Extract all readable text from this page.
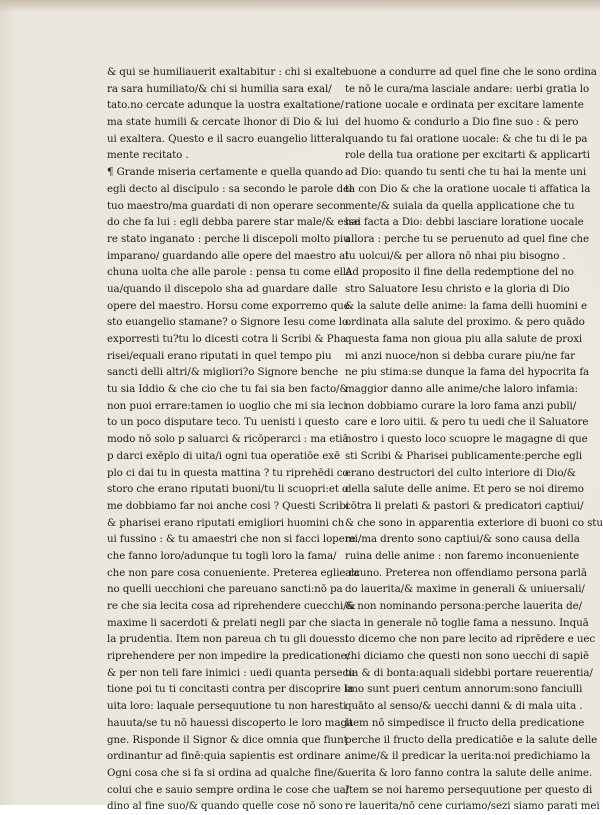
& qui se humiliauerit exaltabitur : chi si exalte
ra sara humiliato/& chi si humilia sara exal/
tato.no cercate adunque la uostra exaltatione/
ma state humili & cercate lhonor di Dio & lui
ui exaltera. Questo e il sacro euangelio litteral
mente recitato .
¶ Grande miseria certamente e quella quando
egli decto al discipulo : sa secondo le parole del
tuo maestro/ma guardati di non operare secon
do che fa lui : egli debba parere star male/& esse
re stato inganato : perche li discepoli molto piu
imparano/ guardando alle opere del maestro al
chuna uolta che alle parole : pensa tu come ella
ua/quando il discepolo sha ad guardare dalle
opere del maestro. Horsu come exporremo que
sto euangelio stamane? o Signore Iesu come lo
exporresti tu?tu lo dicesti cotra li Scribi & Pha
risei/equali erano riputati in quel tempo piu
sancti delli altri/& migliori?o Signore benche
tu sia Iddio & che cio che tu fai sia ben facto/&
non puoi errare:tamen io uoglio che mi sia leci
to un poco disputare teco. Tu uenisti i questo
modo nō solo p saluarci & ricōperarci : ma etiā
p darci exēplo di uita/i ogni tua operatiōe exē
plo ci dai tu in questa mattina ? tu riprehēdi co
storo che erano riputati buoni/tu li scuopri:et o
me dobbiamo far noi anche cosi ? Questi Scribi
& pharisei erano riputati emigliori huomini ch
ui fussino : & tu amaestri che non si facci lopere
che fanno loro/adunque tu togli loro la fama/
che non pare cosa conueniente. Preterea eglie ra
no quelli uecchioni che pareuano sancti:nō pa
re che sia lecita cosa ad riprehendere cuecchi/&
maxime li sacerdoti & prelati negli par che sia
la prudentia. Item non pareua ch tu gli douessi
riprehendere per non impedire la predicatione/
& per non teli fare inimici : uedi quanta persecu
tione poi tu ti concitasti contra per discoprire la
uita loro: laquale persequutione tu non haresti
hauuta/se tu nō hauessi discoperto le loro maga
gne. Risponde il Signor & dice omnia que fiunt
ordinantur ad finē:quia sapientis est ordinare .
Ogni cosa che si fa si ordina ad qualche fine/&
colui che e sauio sempre ordina le cose che ua/
dino al fine suo/& quando quelle cose nō sono
buone a condurre ad quel fine che le sono ordina
te nō le cura/ma lasciale andare: uerbi gratia lo
ratione uocale e ordinata per excitare lamente
del huomo & condurlo a Dio fine suo : & pero
quando tu fai oratione uocale: & che tu di le pa
role della tua oratione per excitarti & applicarti
ad Dio: quando tu senti che tu hai la mente uni
ta con Dio & che la oratione uocale ti affatica la
mente/& suiala da quella applicatione che tu
hai facta a Dio: debbi lasciare loratione uocale
allora : perche tu se peruenuto ad quel fine che
tu uolcui/& per allora nō nhai piu bisogno .
Ad proposito il fine della redemptione del no
stro Saluatore Iesu christo e la gloria di Dio
& la salute delle anime: la fama delli huomini e
ordinata alla salute del proximo. & pero quādo
questa fama non gioua piu alla salute de proxi
mi anzi nuoce/non si debba curare piu/ne far
ne piu stima:se dunque la fama del hypocrita fa
maggior danno alle anime/che laloro infamia:
non dobbiamo curare la loro fama anzi publi/
care e loro uitii. & pero tu uedi che il Saluatore
nostro i questo loco scuopre le magagne di que
sti Scribi & Pharisei publicamente:perche egli
erano destructori del culto interiore di Dio/&
della salute delle anime. Et pero se noi diremo
cōtra li prelati & pastori & predicatori captiui/
& che sono in apparentia exteriore di buoni co stu
mi/ma drento sono captiui/& sono causa della
ruina delle anime : non faremo inconueniente
alcuno. Preterea non offendiamo persona parlā
do lauerita/& maxime in generali & uniuersali/
& non nominando persona:perche lauerita de/
cta in generale nō toglie fama a nessuno. Inquā
to dicemo che non pare lecito ad riprēdere e uec
chi diciamo che questi non sono uecchi di sapiē
tia & di bonta:aquali sidebbi portare reuerentia/
imo sunt pueri centum annorum:sono fanciulli
quāto al senso/& uecchi danni & di mala uita .
Item nō simpedisce il fructo della predicatione
perche il fructo della predicatiōe e la salute delle
anime/& il predicar la uerita:noi predichiamo la
uerita & loro fanno contra la salute delle anime.
Item se noi haremo persequutione per questo di
re lauerita/nō cene curiamo/sezi siamo parati mei
